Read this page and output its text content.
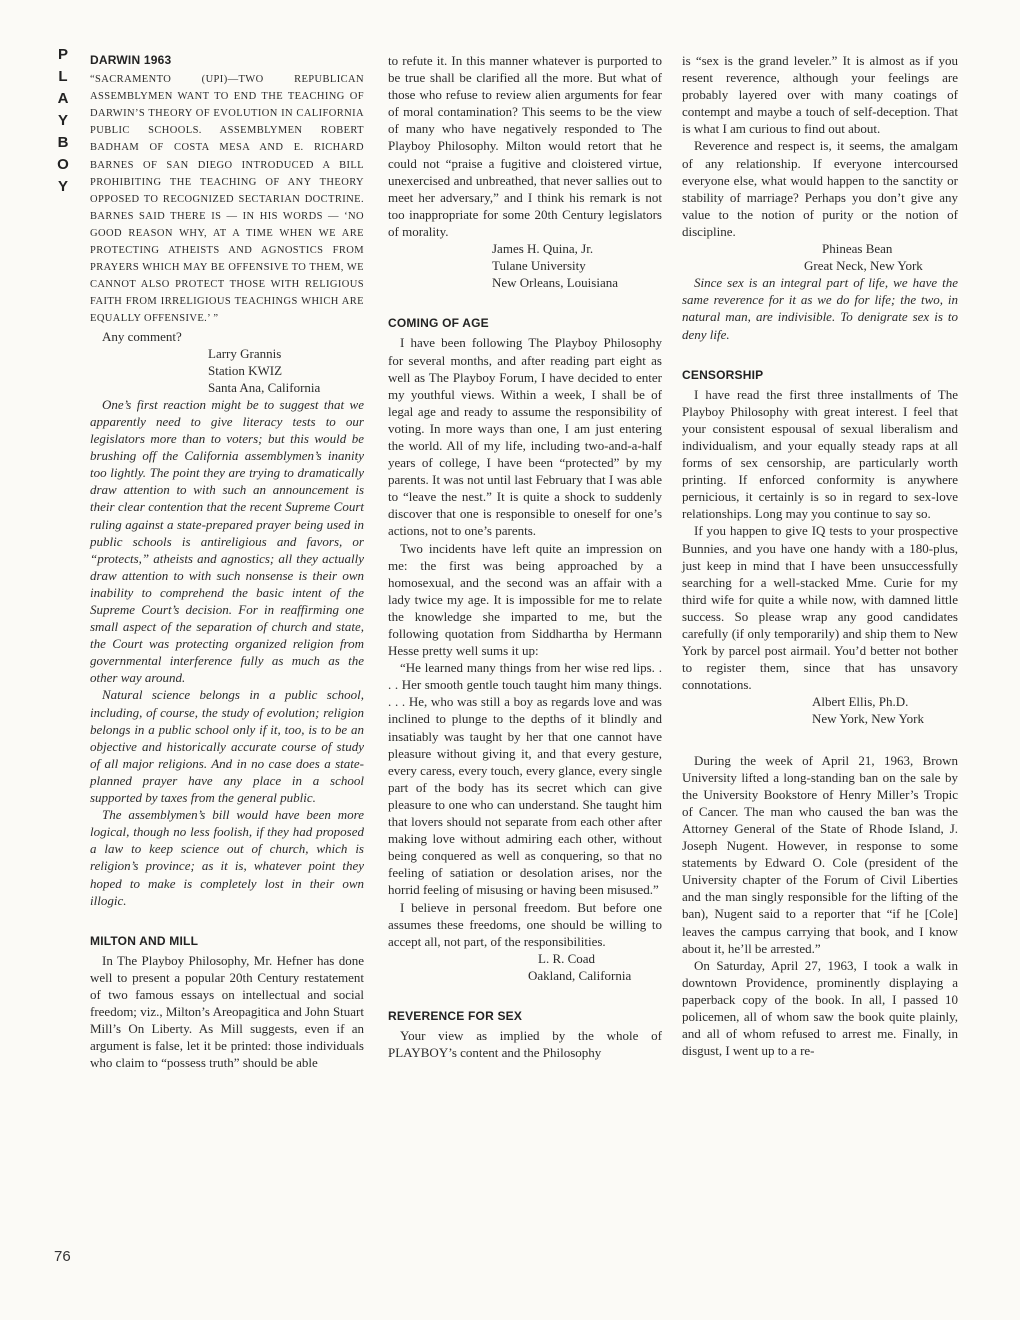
P
L
A
Y
B
O
Y
76
DARWIN 1963

“SACRAMENTO (UPI)—TWO REPUBLICAN ASSEMBLYMEN WANT TO END THE TEACHING OF DARWIN’S THEORY OF EVOLUTION IN CALIFORNIA PUBLIC SCHOOLS. ASSEMBLYMEN ROBERT BADHAM OF COSTA MESA AND E. RICHARD BARNES OF SAN DIEGO INTRODUCED A BILL PROHIBITING THE TEACHING OF ANY THEORY OPPOSED TO RECOGNIZED SECTARIAN DOCTRINE. BARNES SAID THERE IS — IN HIS WORDS — ‘NO GOOD REASON WHY, AT A TIME WHEN WE ARE PROTECTING ATHEISTS AND AGNOSTICS FROM PRAYERS WHICH MAY BE OFFENSIVE TO THEM, WE CANNOT ALSO PROTECT THOSE WITH RELIGIOUS FAITH FROM IRRELIGIOUS TEACHINGS WHICH ARE EQUALLY OFFENSIVE.’ ”

Any comment?

Larry Grannis

Station KWIZ

Santa Ana, California

One’s first reaction might be to suggest that we apparently need to give literacy tests to our legislators more than to voters; but this would be brushing off the California assemblymen’s inanity too lightly. The point they are trying to dramatically draw attention to with such an announcement is their clear contention that the recent Supreme Court ruling against a state-prepared prayer being used in public schools is antireligious and favors, or “protects,” atheists and agnostics; all they actually draw attention to with such nonsense is their own inability to comprehend the basic intent of the Supreme Court’s decision. For in reaffirming one small aspect of the separation of church and state, the Court was protecting organized religion from governmental interference fully as much as the other way around.

Natural science belongs in a public school, including, of course, the study of evolution; religion belongs in a public school only if it, too, is to be an objective and historically accurate course of study of all major religions. And in no case does a state-planned prayer have any place in a school supported by taxes from the general public.

The assemblymen’s bill would have been more logical, though no less foolish, if they had proposed a law to keep science out of church, which is religion’s province; as it is, whatever point they hoped to make is completely lost in their own illogic.

MILTON AND MILL

In The Playboy Philosophy, Mr. Hefner has done well to present a popular 20th Century restatement of two famous essays on intellectual and social freedom; viz., Milton’s Areopagitica and John Stuart Mill’s On Liberty. As Mill suggests, even if an argument is false, let it be printed: those individuals who claim to “possess truth” should be able

to refute it. In this manner whatever is purported to be true shall be clarified all the more. But what of those who refuse to review alien arguments for fear of moral contamination? This seems to be the view of many who have negatively responded to The Playboy Philosophy. Milton would retort that he could not “praise a fugitive and cloistered virtue, unexercised and unbreathed, that never sallies out to meet her adversary,” and I think his remark is not too inappropriate for some 20th Century legislators of morality.

James H. Quina, Jr.

Tulane University

New Orleans, Louisiana

COMING OF AGE

I have been following The Playboy Philosophy for several months, and after reading part eight as well as The Playboy Forum, I have decided to enter my youthful views. Within a week, I shall be of legal age and ready to assume the responsibility of voting. In more ways than one, I am just entering the world. All of my life, including two-and-a-half years of college, I have been “protected” by my parents. It was not until last February that I was able to “leave the nest.” It is quite a shock to suddenly discover that one is responsible to oneself for one’s actions, not to one’s parents.

Two incidents have left quite an impression on me: the first was being approached by a homosexual, and the second was an affair with a lady twice my age. It is impossible for me to relate the knowledge she imparted to me, but the following quotation from Siddhartha by Hermann Hesse pretty well sums it up:

“He learned many things from her wise red lips. . . . Her smooth gentle touch taught him many things. . . . He, who was still a boy as regards love and was inclined to plunge to the depths of it blindly and insatiably was taught by her that one cannot have pleasure without giving it, and that every gesture, every caress, every touch, every glance, every single part of the body has its secret which can give pleasure to one who can understand. She taught him that lovers should not separate from each other after making love without admiring each other, without being conquered as well as conquering, so that no feeling of satiation or desolation arises, nor the horrid feeling of misusing or having been misused.”

I believe in personal freedom. But before one assumes these freedoms, one should be willing to accept all, not part, of the responsibilities.

L. R. Coad

Oakland, California

REVERENCE FOR SEX

Your view as implied by the whole of PLAYBOY’s content and the Philosophy

is “sex is the grand leveler.” It is almost as if you resent reverence, although your feelings are probably layered over with many coatings of contempt and maybe a touch of self-deception. That is what I am curious to find out about.

Reverence and respect is, it seems, the amalgam of any relationship. If everyone intercoursed everyone else, what would happen to the sanctity or stability of marriage? Perhaps you don’t give any value to the notion of purity or the notion of discipline.

Phineas Bean

Great Neck, New York

Since sex is an integral part of life, we have the same reverence for it as we do for life; the two, in natural man, are indivisible. To denigrate sex is to deny life.

CENSORSHIP

I have read the first three installments of The Playboy Philosophy with great interest. I feel that your consistent espousal of sexual liberalism and individualism, and your equally steady raps at all forms of sex censorship, are particularly worth printing. If enforced conformity is anywhere pernicious, it certainly is so in regard to sex-love relationships. Long may you continue to say so.

If you happen to give IQ tests to your prospective Bunnies, and you have one handy with a 180-plus, just keep in mind that I have been unsuccessfully searching for a well-stacked Mme. Curie for my third wife for quite a while now, with damned little success. So please wrap any good candidates carefully (if only temporarily) and ship them to New York by parcel post airmail. You’d better not bother to register them, since that has unsavory connotations.

Albert Ellis, Ph.D.

New York, New York

During the week of April 21, 1963, Brown University lifted a long-standing ban on the sale by the University Bookstore of Henry Miller’s Tropic of Cancer. The man who caused the ban was the Attorney General of the State of Rhode Island, J. Joseph Nugent. However, in response to some statements by Edward O. Cole (president of the University chapter of the Forum of Civil Liberties and the man singly responsible for the lifting of the ban), Nugent said to a reporter that “if he [Cole] leaves the campus carrying that book, and I know about it, he’ll be arrested.”

On Saturday, April 27, 1963, I took a walk in downtown Providence, prominently displaying a paperback copy of the book. In all, I passed 10 policemen, all of whom saw the book quite plainly, and all of whom refused to arrest me. Finally, in disgust, I went up to a re-
